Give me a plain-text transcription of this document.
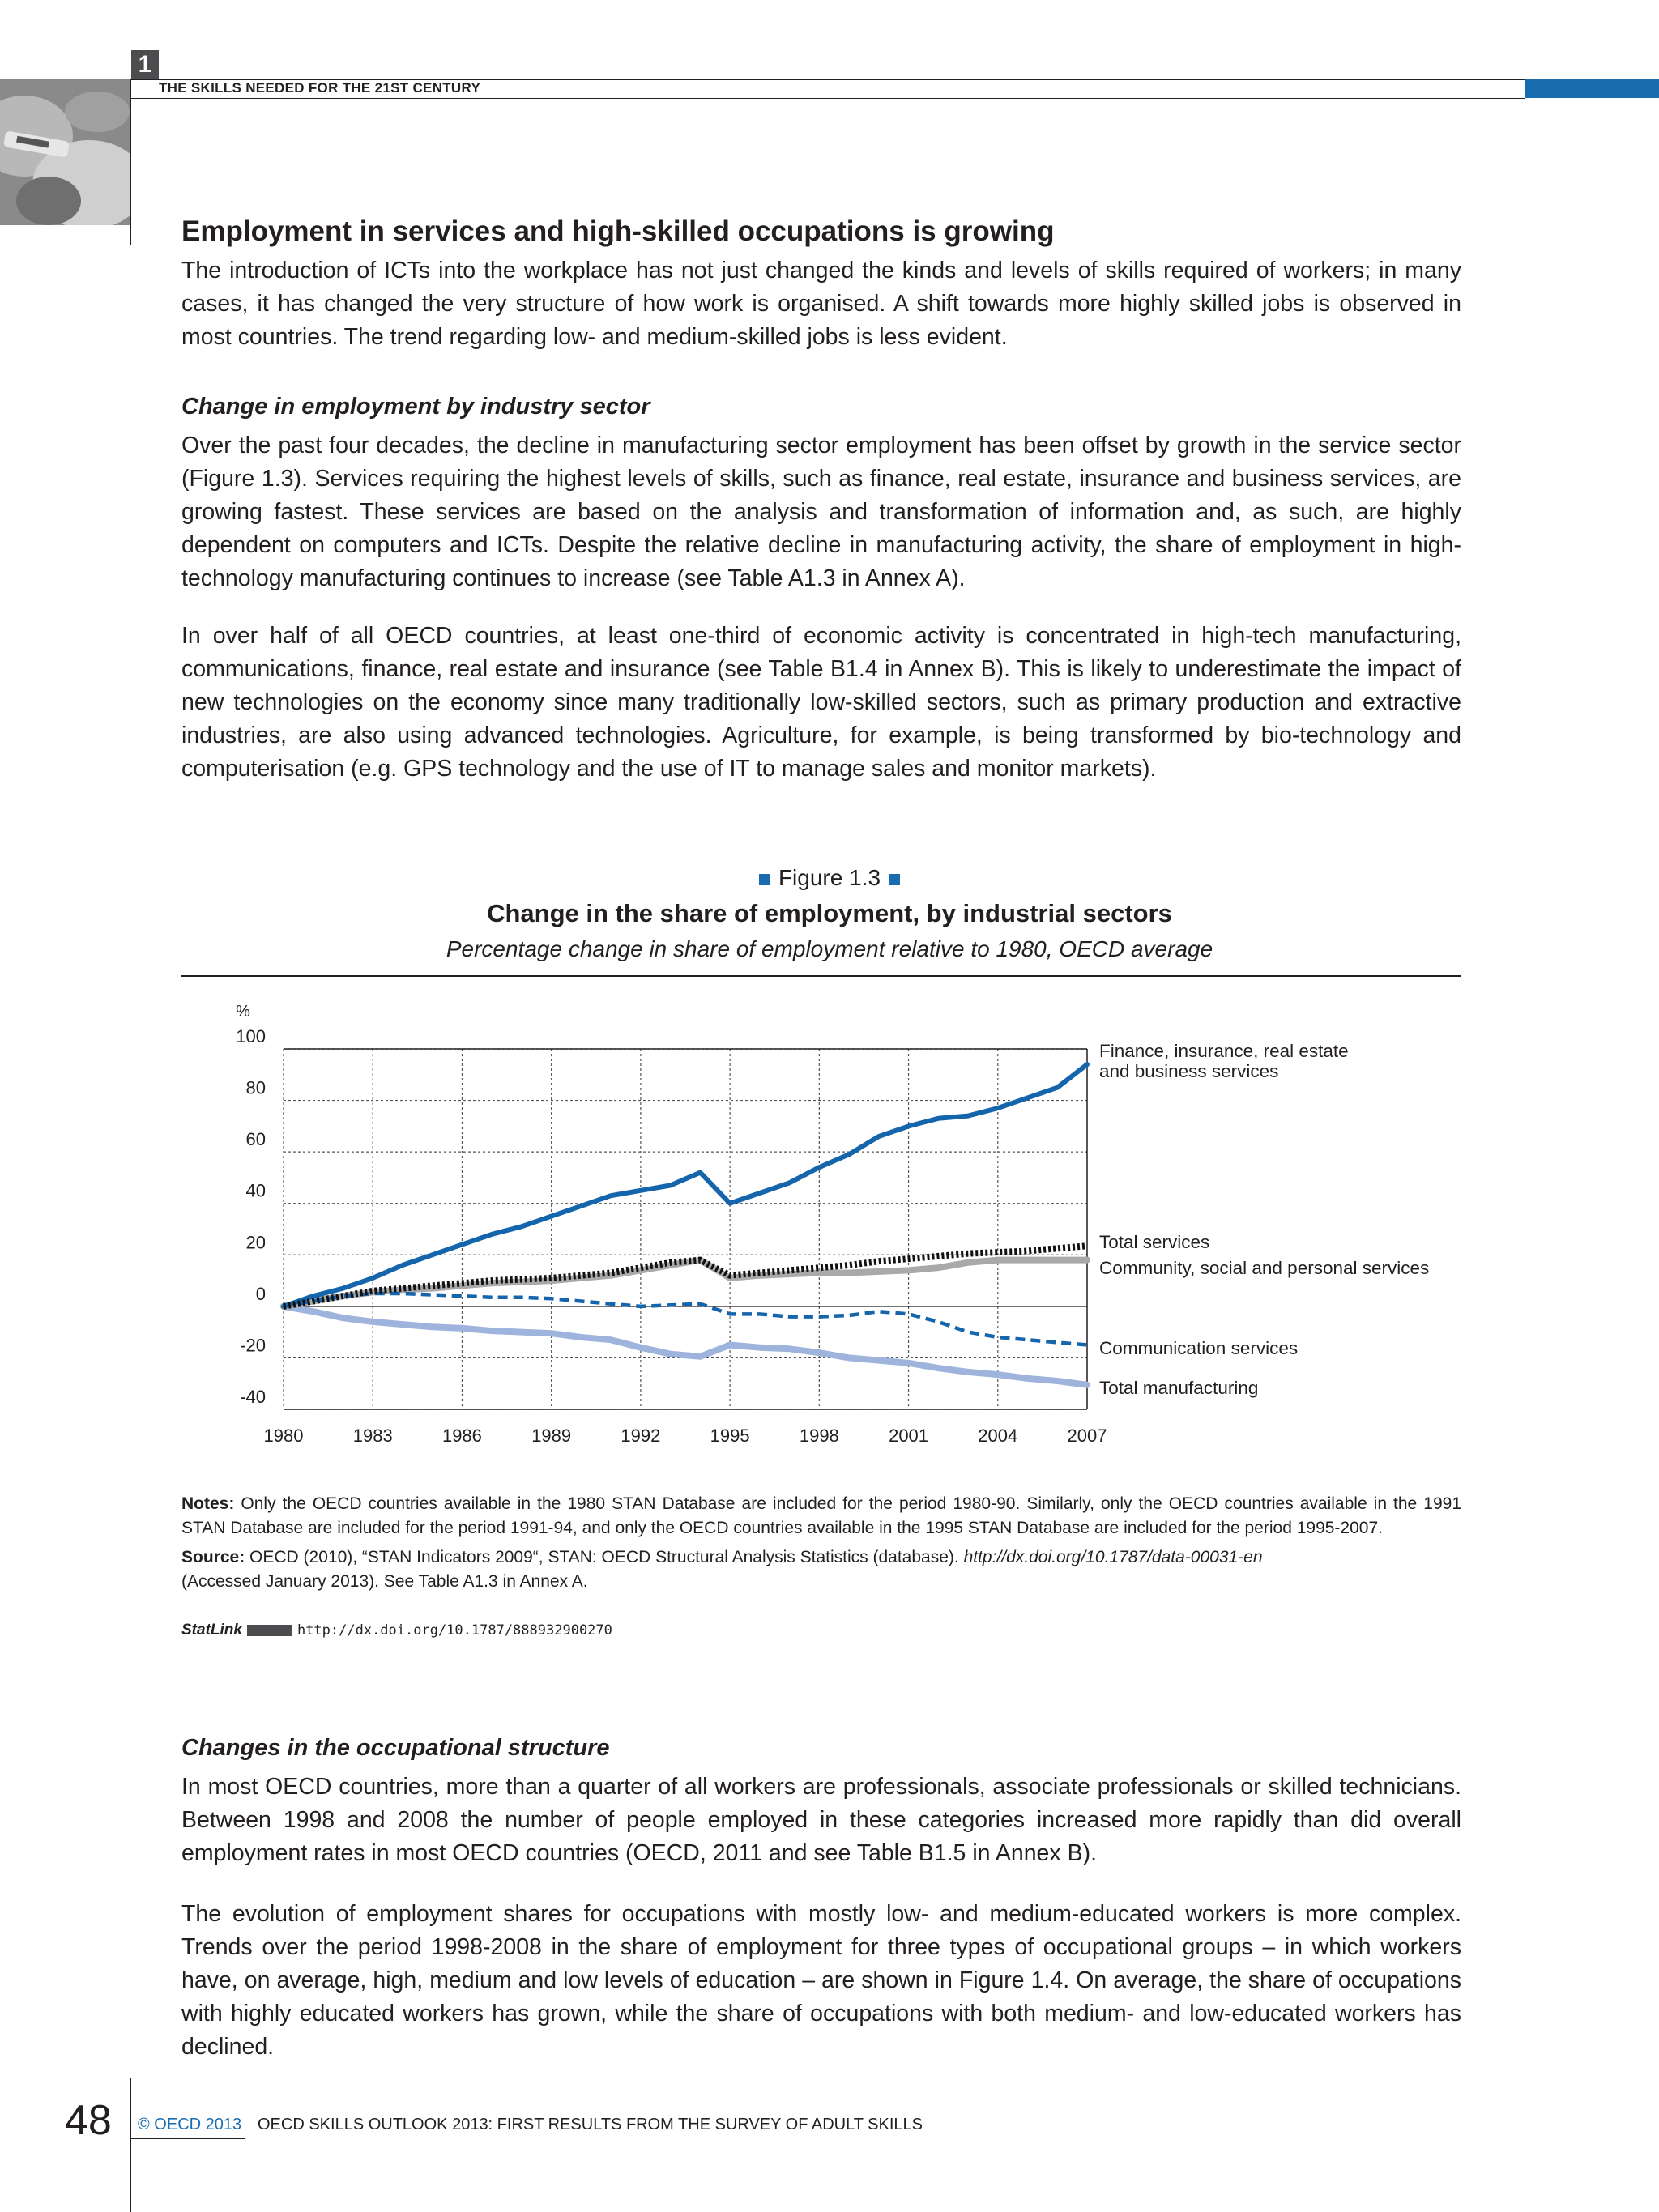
1
THE SKILLS NEEDED FOR THE 21ST CENTURY
Employment in services and high-skilled occupations is growing
The introduction of ICTs into the workplace has not just changed the kinds and levels of skills required of workers; in many cases, it has changed the very structure of how work is organised. A shift towards more highly skilled jobs is observed in most countries. The trend regarding low- and medium-skilled jobs is less evident.
Change in employment by industry sector
Over the past four decades, the decline in manufacturing sector employment has been offset by growth in the service sector (Figure 1.3). Services requiring the highest levels of skills, such as finance, real estate, insurance and business services, are growing fastest. These services are based on the analysis and transformation of information and, as such, are highly dependent on computers and ICTs. Despite the relative decline in manufacturing activity, the share of employment in high-technology manufacturing continues to increase (see Table A1.3 in Annex A).
In over half of all OECD countries, at least one-third of economic activity is concentrated in high-tech manufacturing, communications, finance, real estate and insurance (see Table B1.4 in Annex B). This is likely to underestimate the impact of new technologies on the economy since many traditionally low-skilled sectors, such as primary production and extractive industries, are also using advanced technologies. Agriculture, for example, is being transformed by bio-technology and computerisation (e.g. GPS technology and the use of IT to manage sales and monitor markets).
Figure 1.3
Change in the share of employment, by industrial sectors
Percentage change in share of employment relative to 1980, OECD average
%
100
80
60
40
20
0
-20
-40
1980	1983	1986	1989	1992	1995	1998	2001	2004	2007
Finance, insurance, real estate
and business services
Total services
Community, social and personal services
Communication services
Total manufacturing
Notes: Only the OECD countries available in the 1980 STAN Database are included for the period 1980-90. Similarly, only the OECD countries available in the 1991 STAN Database are included for the period 1991-94, and only the OECD countries available in the 1995 STAN Database are included for the period 1995-2007.
Source: OECD (2010), “STAN Indicators 2009“, STAN: OECD Structural Analysis Statistics (database). http://dx.doi.org/10.1787/data-00031-en
(Accessed January 2013). See Table A1.3 in Annex A.
StatLink	http://dx.doi.org/10.1787/888932900270
Changes in the occupational structure
In most OECD countries, more than a quarter of all workers are professionals, associate professionals or skilled technicians. Between 1998 and 2008 the number of people employed in these categories increased more rapidly than did overall employment rates in most OECD countries (OECD, 2011 and see Table B1.5 in Annex B).
The evolution of employment shares for occupations with mostly low- and medium-educated workers is more complex. Trends over the period 1998-2008 in the share of employment for three types of occupational groups – in which workers have, on average, high, medium and low levels of education – are shown in Figure 1.4. On average, the share of occupations with highly educated workers has grown, while the share of occupations with both medium- and low-educated workers has declined.
48 © OECD 2013 OECD SKILLS OUTLOOK 2013: FIRST RESULTS FROM THE SURVEY OF ADULT SKILLS
